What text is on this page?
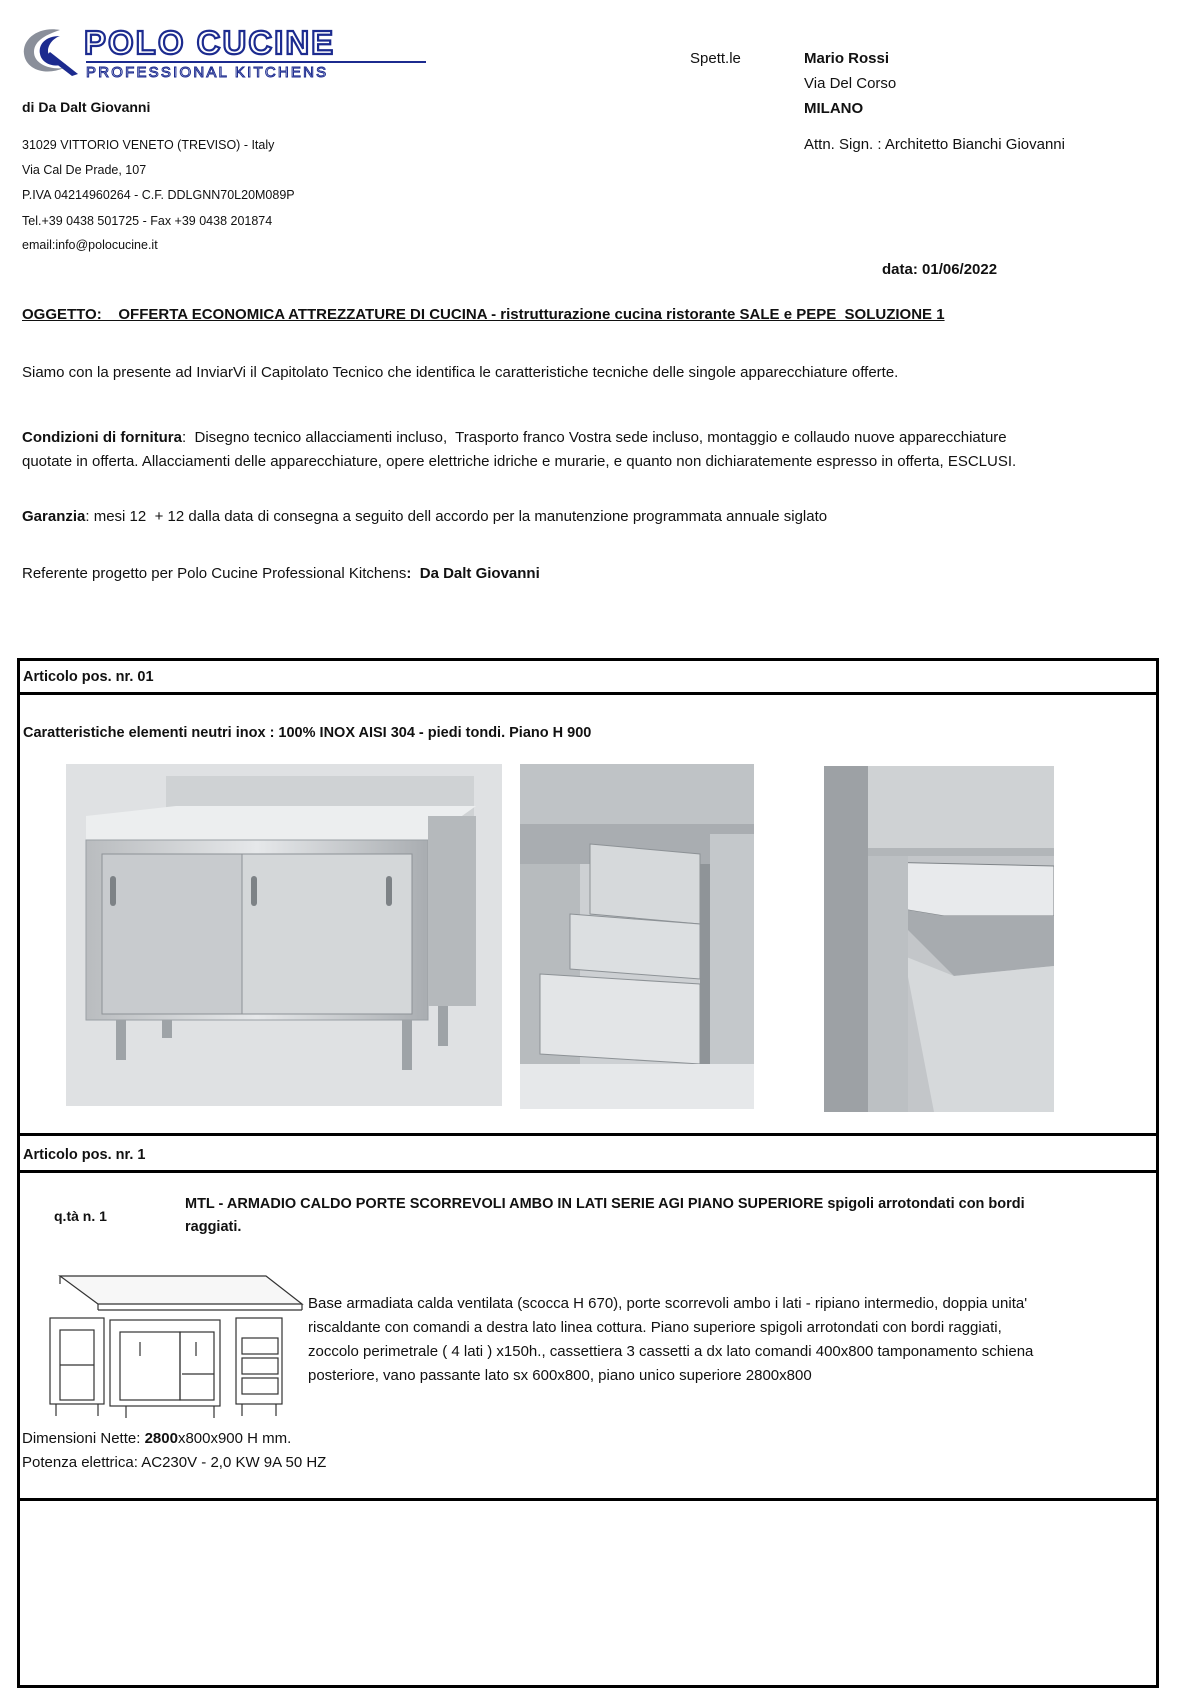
POLO CUCINE
PROFESSIONAL KITCHENS
di Da Dalt Giovanni
31029 VITTORIO VENETO (TREVISO) - Italy
Via Cal De Prade, 107
P.IVA 04214960264 - C.F. DDLGNN70L20M089P
Tel.+39 0438 501725 - Fax +39 0438 201874
email:info@polocucine.it
Spett.le	Mario Rossi
Via Del Corso
MILANO
Attn. Sign. : Architetto Bianchi Giovanni
data: 01/06/2022
OGGETTO:    OFFERTA ECONOMICA ATTREZZATURE DI CUCINA - ristrutturazione cucina ristorante SALE e PEPE  SOLUZIONE 1
Siamo con la presente ad InviarVi il Capitolato Tecnico che identifica le caratteristiche tecniche delle singole apparecchiature offerte.
Condizioni di fornitura:  Disegno tecnico allacciamenti incluso,  Trasporto franco Vostra sede incluso, montaggio e collaudo nuove apparecchiature
quotate in offerta. Allacciamenti delle apparecchiature, opere elettriche idriche e murarie, e quanto non dichiaratemente espresso in offerta, ESCLUSI.
Garanzia: mesi 12  + 12 dalla data di consegna a seguito dell accordo per la manutenzione programmata annuale siglato
Referente progetto per Polo Cucine Professional Kitchens: Da Dalt Giovanni
Articolo pos. nr. 01
Caratteristiche elementi neutri inox : 100% INOX AISI 304 - piedi tondi. Piano H 900
Articolo pos. nr. 1
q.tà n. 1
MTL - ARMADIO CALDO PORTE SCORREVOLI AMBO IN LATI SERIE AGI PIANO SUPERIORE spigoli arrotondati con bordi
raggiati.
Base armadiata calda ventilata (scocca H 670), porte scorrevoli ambo i lati - ripiano intermedio, doppia unita'
riscaldante con comandi a destra lato linea cottura. Piano superiore spigoli arrotondati con bordi raggiati,
zoccolo perimetrale ( 4 lati ) x150h., cassettiera 3 cassetti a dx lato comandi 400x800 tamponamento schiena
posteriore, vano passante lato sx 600x800, piano unico superiore 2800x800
Dimensioni Nette: 2800x800x900 H mm.
Potenza elettrica: AC230V - 2,0 KW 9A 50 HZ
